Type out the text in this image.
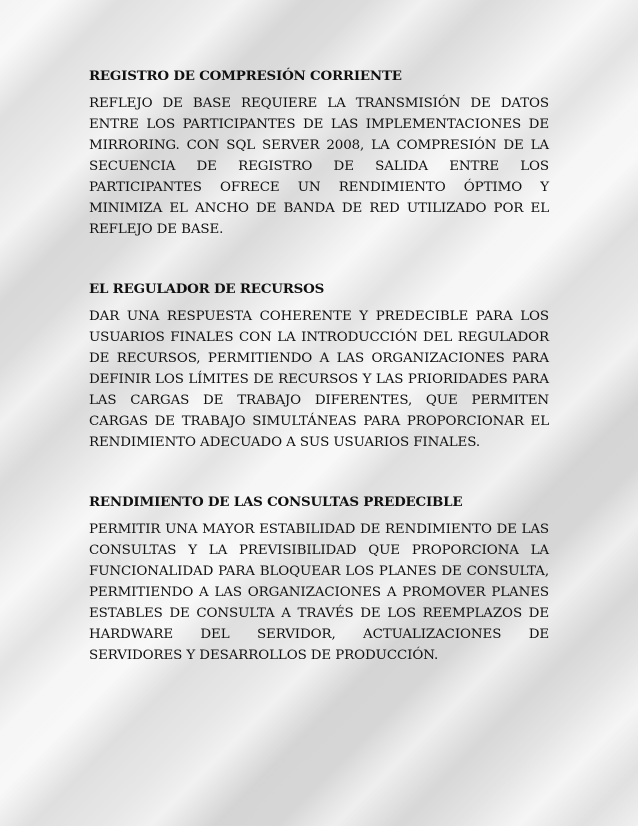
REGISTRO DE COMPRESIÓN CORRIENTE

REFLEJO DE BASE REQUIERE LA TRANSMISIÓN DE DATOS ENTRE LOS PARTICIPANTES DE LAS IMPLEMENTACIONES DE MIRRORING. CON SQL SERVER 2008, LA COMPRESIÓN DE LA SECUENCIA DE REGISTRO DE SALIDA ENTRE LOS PARTICIPANTES OFRECE UN RENDIMIENTO ÓPTIMO Y MINIMIZA EL ANCHO DE BANDA DE RED UTILIZADO POR EL REFLEJO DE BASE.

EL REGULADOR DE RECURSOS

DAR UNA RESPUESTA COHERENTE Y PREDECIBLE PARA LOS USUARIOS FINALES CON LA INTRODUCCIÓN DEL REGULADOR DE RECURSOS, PERMITIENDO A LAS ORGANIZACIONES PARA DEFINIR LOS LÍMITES DE RECURSOS Y LAS PRIORIDADES PARA LAS CARGAS DE TRABAJO DIFERENTES, QUE PERMITEN CARGAS DE TRABAJO SIMULTÁNEAS PARA PROPORCIONAR EL RENDIMIENTO ADECUADO A SUS USUARIOS FINALES.

RENDIMIENTO DE LAS CONSULTAS PREDECIBLE

PERMITIR UNA MAYOR ESTABILIDAD DE RENDIMIENTO DE LAS CONSULTAS Y LA PREVISIBILIDAD QUE PROPORCIONA LA FUNCIONALIDAD PARA BLOQUEAR LOS PLANES DE CONSULTA, PERMITIENDO A LAS ORGANIZACIONES A PROMOVER PLANES ESTABLES DE CONSULTA A TRAVÉS DE LOS REEMPLAZOS DE HARDWARE DEL SERVIDOR, ACTUALIZACIONES DE SERVIDORES Y DESARROLLOS DE PRODUCCIÓN.
